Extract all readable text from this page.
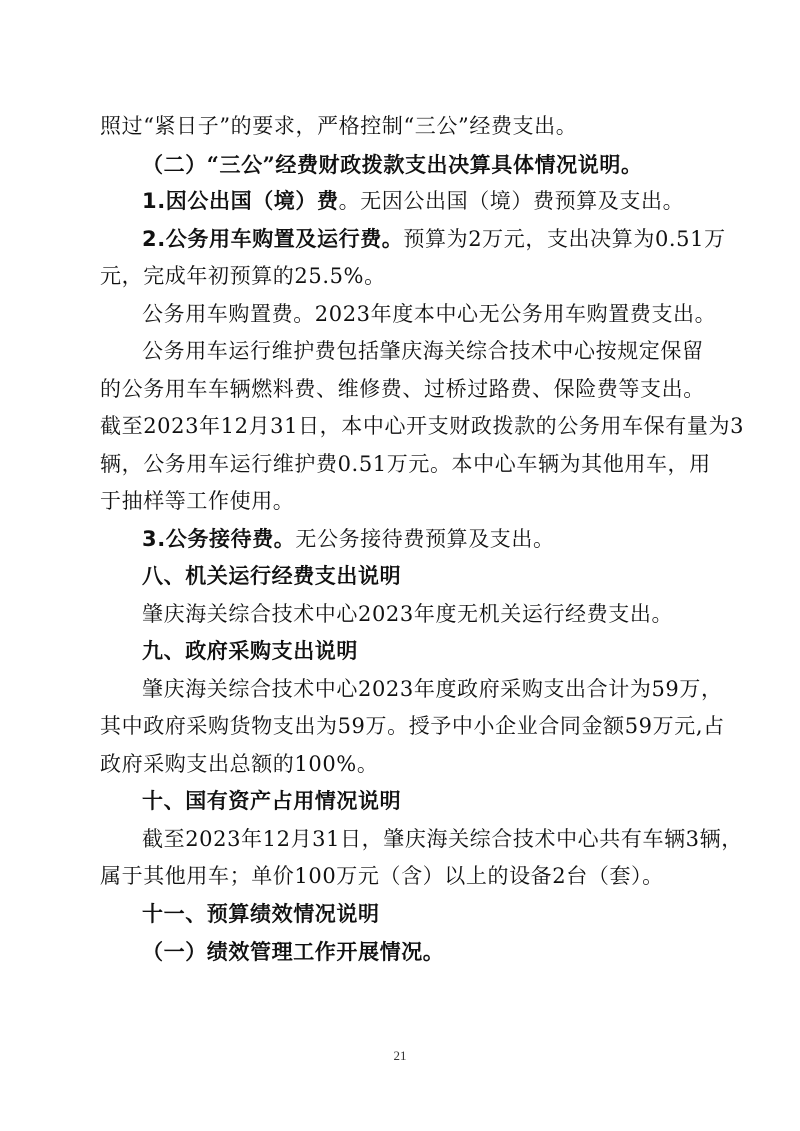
照过“紧日子”的要求，严格控制“三公”经费支出。

（二）“三公”经费财政拨款支出决算具体情况说明。

1.因公出国（境）费。无因公出国（境）费预算及支出。

2.公务用车购置及运行费。预算为2万元，支出决算为0.51万

元，完成年初预算的25.5%。

公务用车购置费。2023年度本中心无公务用车购置费支出。

公务用车运行维护费包括肇庆海关综合技术中心按规定保留

的公务用车车辆燃料费、维修费、过桥过路费、保险费等支出。

截至2023年12月31日，本中心开支财政拨款的公务用车保有量为3

辆，公务用车运行维护费0.51万元。本中心车辆为其他用车，用

于抽样等工作使用。

3.公务接待费。无公务接待费预算及支出。

八、机关运行经费支出说明

肇庆海关综合技术中心2023年度无机关运行经费支出。

九、政府采购支出说明

肇庆海关综合技术中心2023年度政府采购支出合计为59万，

其中政府采购货物支出为59万。授予中小企业合同金额59万元,占

政府采购支出总额的100%。

十、国有资产占用情况说明

截至2023年12月31日，肇庆海关综合技术中心共有车辆3辆，

属于其他用车；单价100万元（含）以上的设备2台（套）。

十一、预算绩效情况说明

（一）绩效管理工作开展情况。

21
